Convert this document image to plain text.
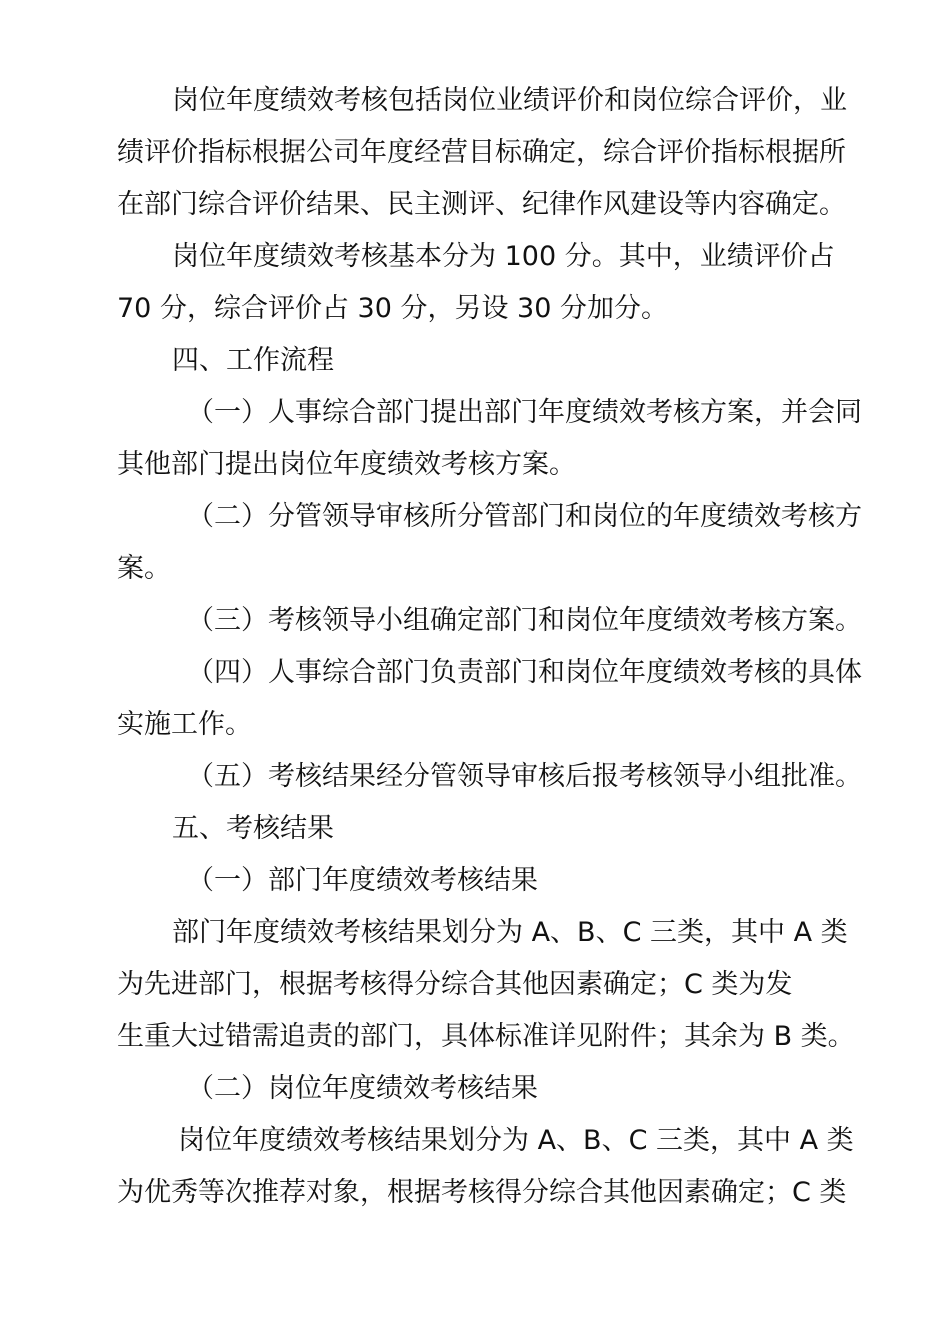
岗位年度绩效考核包括岗位业绩评价和岗位综合评价，业
绩评价指标根据公司年度经营目标确定，综合评价指标根据所
在部门综合评价结果、民主测评、纪律作风建设等内容确定。
岗位年度绩效考核基本分为 100 分。其中，业绩评价占
70 分，综合评价占 30 分，另设 30 分加分。
四、工作流程
（一）人事综合部门提出部门年度绩效考核方案，并会同
其他部门提出岗位年度绩效考核方案。
（二）分管领导审核所分管部门和岗位的年度绩效考核方
案。
（三）考核领导小组确定部门和岗位年度绩效考核方案。
（四）人事综合部门负责部门和岗位年度绩效考核的具体
实施工作。
（五）考核结果经分管领导审核后报考核领导小组批准。
五、考核结果
（一）部门年度绩效考核结果
部门年度绩效考核结果划分为 A、B、C 三类，其中 A 类
为先进部门，根据考核得分综合其他因素确定；C 类为发
生重大过错需追责的部门，具体标准详见附件；其余为 B 类。
（二）岗位年度绩效考核结果
岗位年度绩效考核结果划分为 A、B、C 三类，其中 A 类
为优秀等次推荐对象，根据考核得分综合其他因素确定；C 类
